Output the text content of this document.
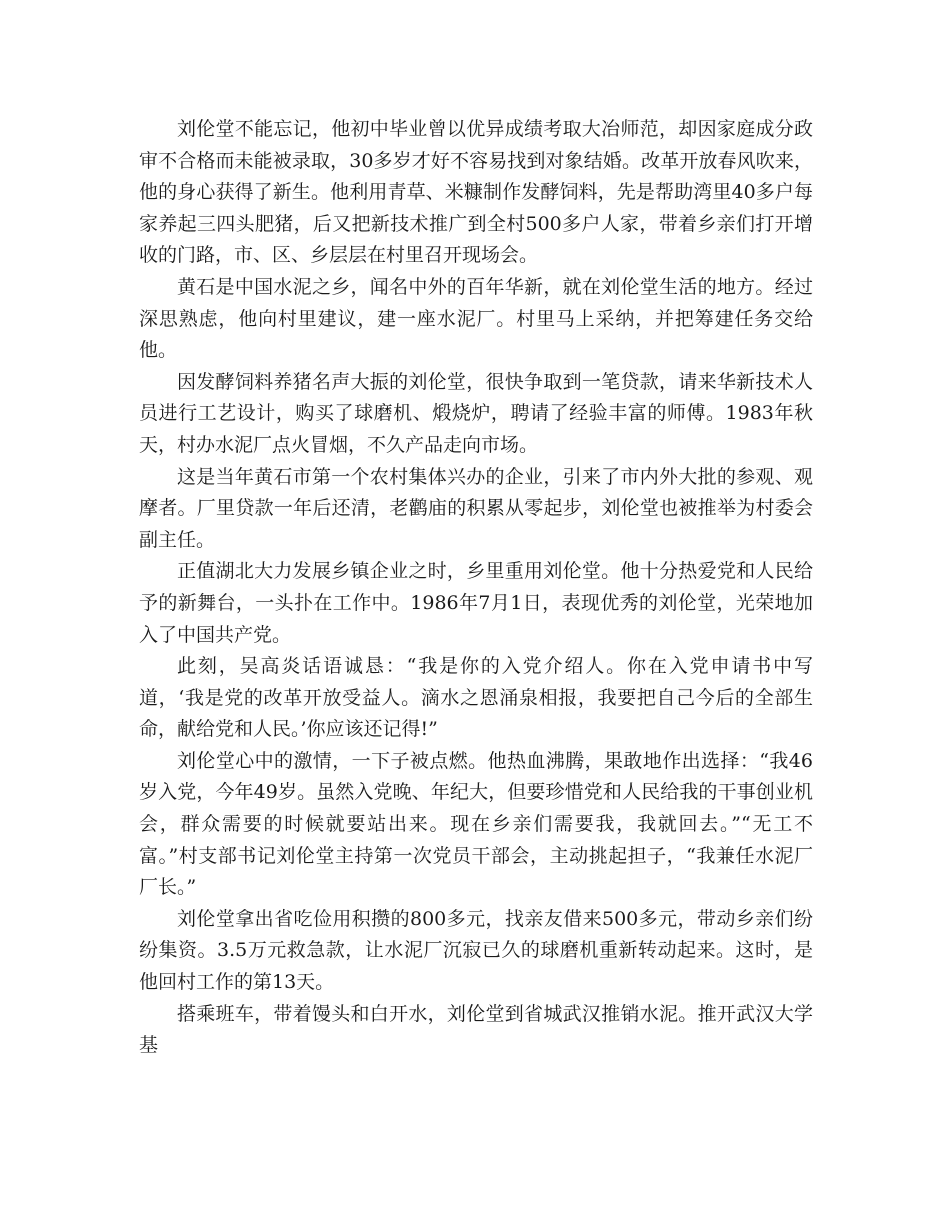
刘伦堂不能忘记，他初中毕业曾以优异成绩考取大冶师范，却因家庭成分政审不合格而未能被录取，30多岁才好不容易找到对象结婚。改革开放春风吹来，他的身心获得了新生。他利用青草、米糠制作发酵饲料，先是帮助湾里40多户每家养起三四头肥猪，后又把新技术推广到全村500多户人家，带着乡亲们打开增收的门路，市、区、乡层层在村里召开现场会。

黄石是中国水泥之乡，闻名中外的百年华新，就在刘伦堂生活的地方。经过深思熟虑，他向村里建议，建一座水泥厂。村里马上采纳，并把筹建任务交给他。

因发酵饲料养猪名声大振的刘伦堂，很快争取到一笔贷款，请来华新技术人员进行工艺设计，购买了球磨机、煅烧炉，聘请了经验丰富的师傅。1983年秋天，村办水泥厂点火冒烟，不久产品走向市场。

这是当年黄石市第一个农村集体兴办的企业，引来了市内外大批的参观、观摩者。厂里贷款一年后还清，老鹳庙的积累从零起步，刘伦堂也被推举为村委会副主任。

正值湖北大力发展乡镇企业之时，乡里重用刘伦堂。他十分热爱党和人民给予的新舞台，一头扑在工作中。1986年7月1日，表现优秀的刘伦堂，光荣地加入了中国共产党。

此刻，吴高炎话语诚恳：“我是你的入党介绍人。你在入党申请书中写道，‘我是党的改革开放受益人。滴水之恩涌泉相报，我要把自己今后的全部生命，献给党和人民。’你应该还记得!”

刘伦堂心中的激情，一下子被点燃。他热血沸腾，果敢地作出选择：“我46岁入党，今年49岁。虽然入党晚、年纪大，但要珍惜党和人民给我的干事创业机会，群众需要的时候就要站出来。现在乡亲们需要我，我就回去。”“无工不富。”村支部书记刘伦堂主持第一次党员干部会，主动挑起担子，“我兼任水泥厂厂长。”

刘伦堂拿出省吃俭用积攒的800多元，找亲友借来500多元，带动乡亲们纷纷集资。3.5万元救急款，让水泥厂沉寂已久的球磨机重新转动起来。这时，是他回村工作的第13天。

搭乘班车，带着馒头和白开水，刘伦堂到省城武汉推销水泥。推开武汉大学基
